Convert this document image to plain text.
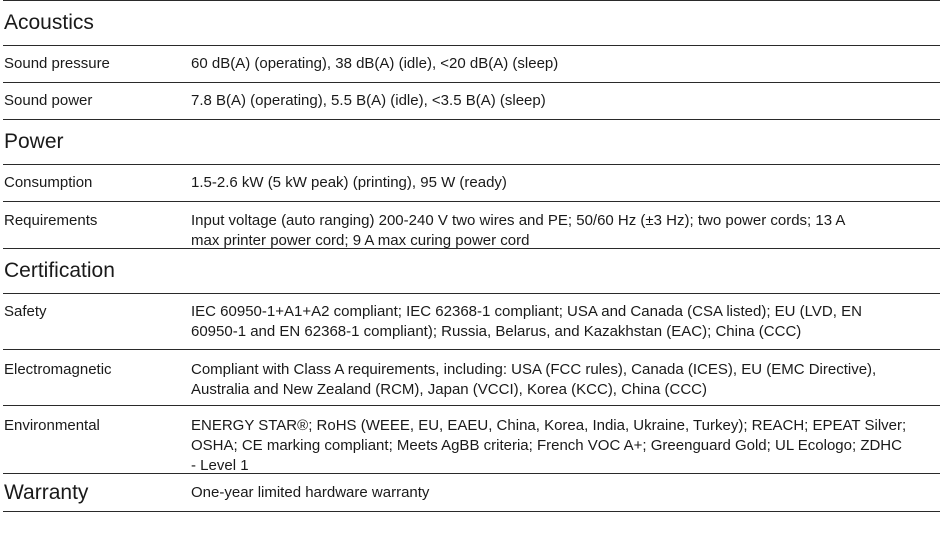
Acoustics
Sound pressure	60 dB(A) (operating), 38 dB(A) (idle), <20 dB(A) (sleep)
Sound power	7.8 B(A) (operating), 5.5 B(A) (idle), <3.5 B(A) (sleep)
Power
Consumption	1.5-2.6 kW (5 kW peak) (printing), 95 W (ready)
Requirements	Input voltage (auto ranging) 200-240 V two wires and PE; 50/60 Hz (±3 Hz); two power cords; 13 A
max printer power cord; 9 A max curing power cord
Certification
Safety	IEC 60950-1+A1+A2 compliant; IEC 62368-1 compliant; USA and Canada (CSA listed); EU (LVD, EN
60950-1 and EN 62368-1 compliant); Russia, Belarus, and Kazakhstan (EAC); China (CCC)
Electromagnetic	Compliant with Class A requirements, including: USA (FCC rules), Canada (ICES), EU (EMC Directive),
Australia and New Zealand (RCM), Japan (VCCI), Korea (KCC), China (CCC)
Environmental	ENERGY STAR®; RoHS (WEEE, EU, EAEU, China, Korea, India, Ukraine, Turkey); REACH; EPEAT Silver;
OSHA; CE marking compliant; Meets AgBB criteria; French VOC A+; Greenguard Gold; UL Ecologo; ZDHC
- Level 1
Warranty	One-year limited hardware warranty
